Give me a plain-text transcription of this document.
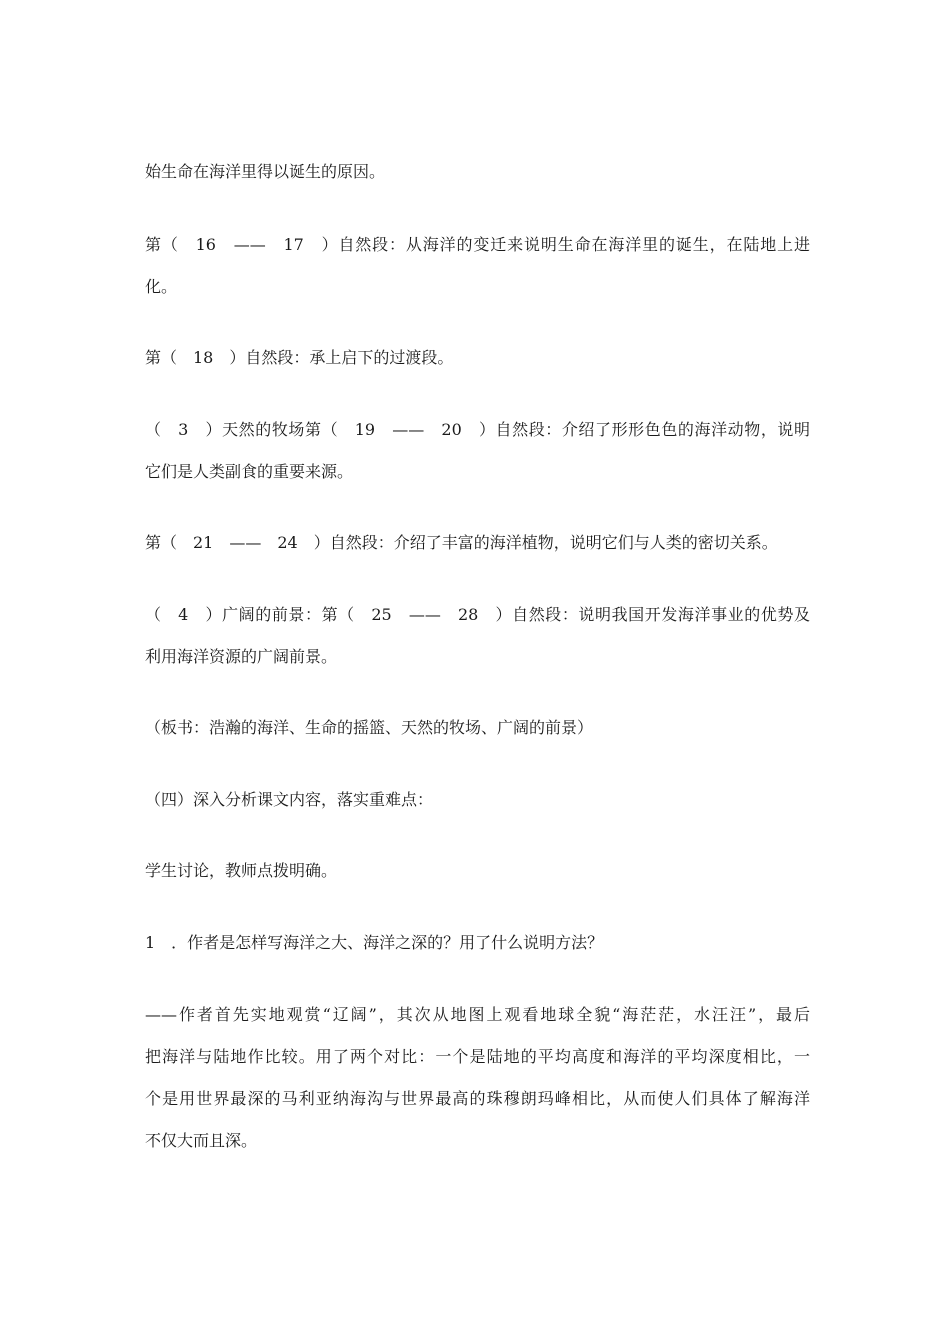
始生命在海洋里得以诞生的原因。
第（　16　——　17　）自然段：从海洋的变迁来说明生命在海洋里的诞生，在陆地上进
化。
第（　18　）自然段：承上启下的过渡段。
（　3　）天然的牧场第（　19　——　20　）自然段：介绍了形形色色的海洋动物，说明
它们是人类副食的重要来源。
第（　21　——　24　）自然段：介绍了丰富的海洋植物，说明它们与人类的密切关系。
（　4　）广阔的前景：第（　25　——　28　）自然段：说明我国开发海洋事业的优势及
利用海洋资源的广阔前景。
（板书：浩瀚的海洋、生命的摇篮、天然的牧场、广阔的前景）
（四）深入分析课文内容，落实重难点：
学生讨论，教师点拨明确。
1　．作者是怎样写海洋之大、海洋之深的？用了什么说明方法？
——作者首先实地观赏“辽阔”，其次从地图上观看地球全貌“海茫茫，水汪汪”，最后
把海洋与陆地作比较。用了两个对比：一个是陆地的平均高度和海洋的平均深度相比，一
个是用世界最深的马利亚纳海沟与世界最高的珠穆朗玛峰相比，从而使人们具体了解海洋
不仅大而且深。
